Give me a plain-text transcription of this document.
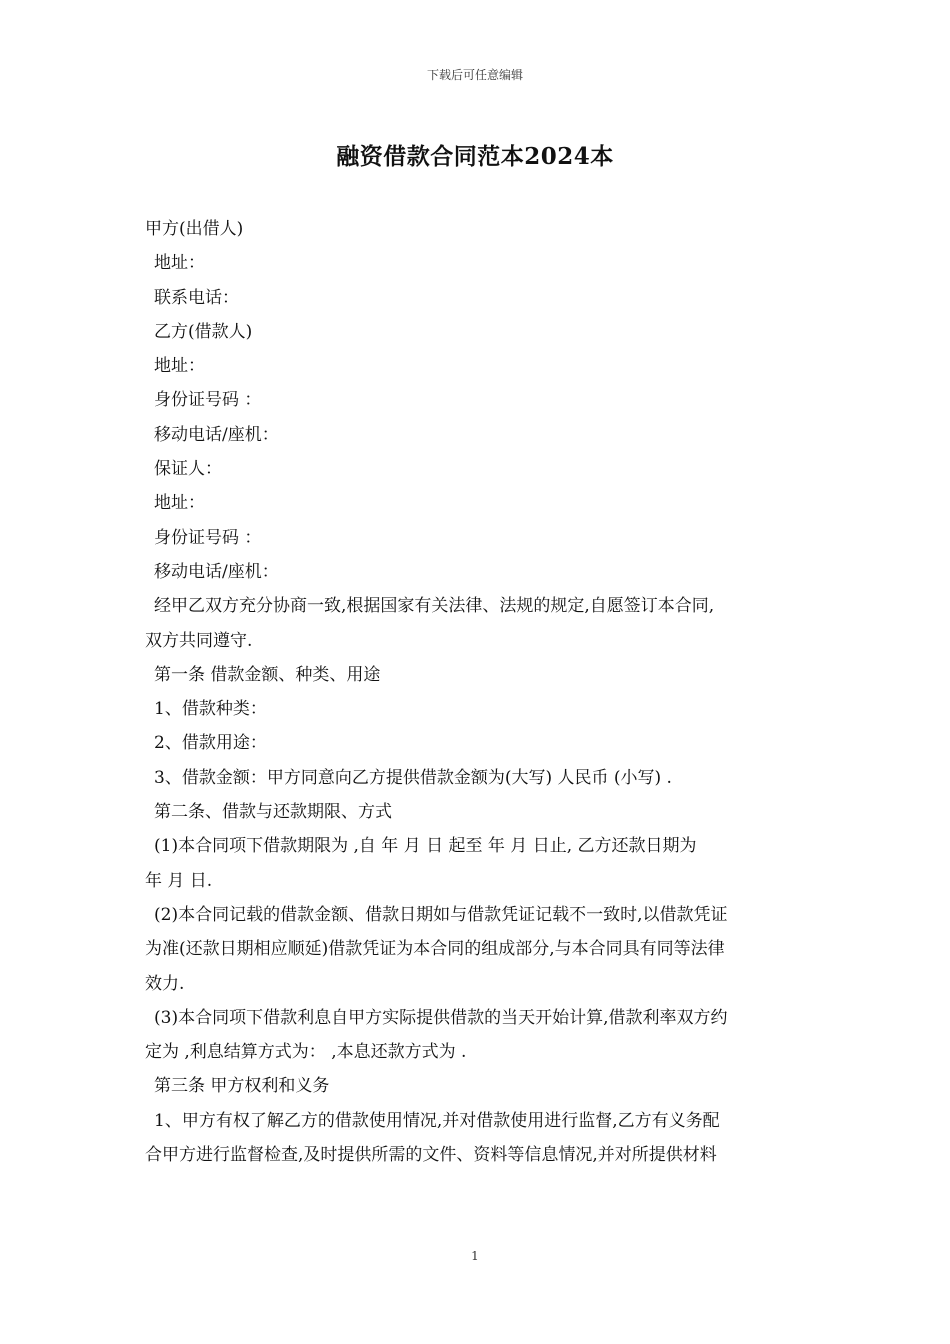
下载后可任意编辑
融资借款合同范本2024本
甲方(出借人)
地址：
联系电话：
乙方(借款人)
地址：
身份证号码 ：
移动电话/座机：
保证人：
地址：
身份证号码 ：
移动电话/座机：
经甲乙双方充分协商一致,根据国家有关法律、法规的规定,自愿签订本合同,
双方共同遵守.
第一条 借款金额、种类、用途
1、借款种类：
2、借款用途：
3、借款金额：甲方同意向乙方提供借款金额为(大写) 人民币 (小写) .
第二条、借款与还款期限、方式
(1)本合同项下借款期限为 ,自 年 月 日 起至 年 月 日止, 乙方还款日期为
年 月 日.
(2)本合同记载的借款金额、借款日期如与借款凭证记载不一致时,以借款凭证
为准(还款日期相应顺延)借款凭证为本合同的组成部分,与本合同具有同等法律
效力.
(3)本合同项下借款利息自甲方实际提供借款的当天开始计算,借款利率双方约
定为 ,利息结算方式为： ,本息还款方式为 .
第三条 甲方权利和义务
1、甲方有权了解乙方的借款使用情况,并对借款使用进行监督,乙方有义务配
合甲方进行监督检查,及时提供所需的文件、资料等信息情况,并对所提供材料
1
